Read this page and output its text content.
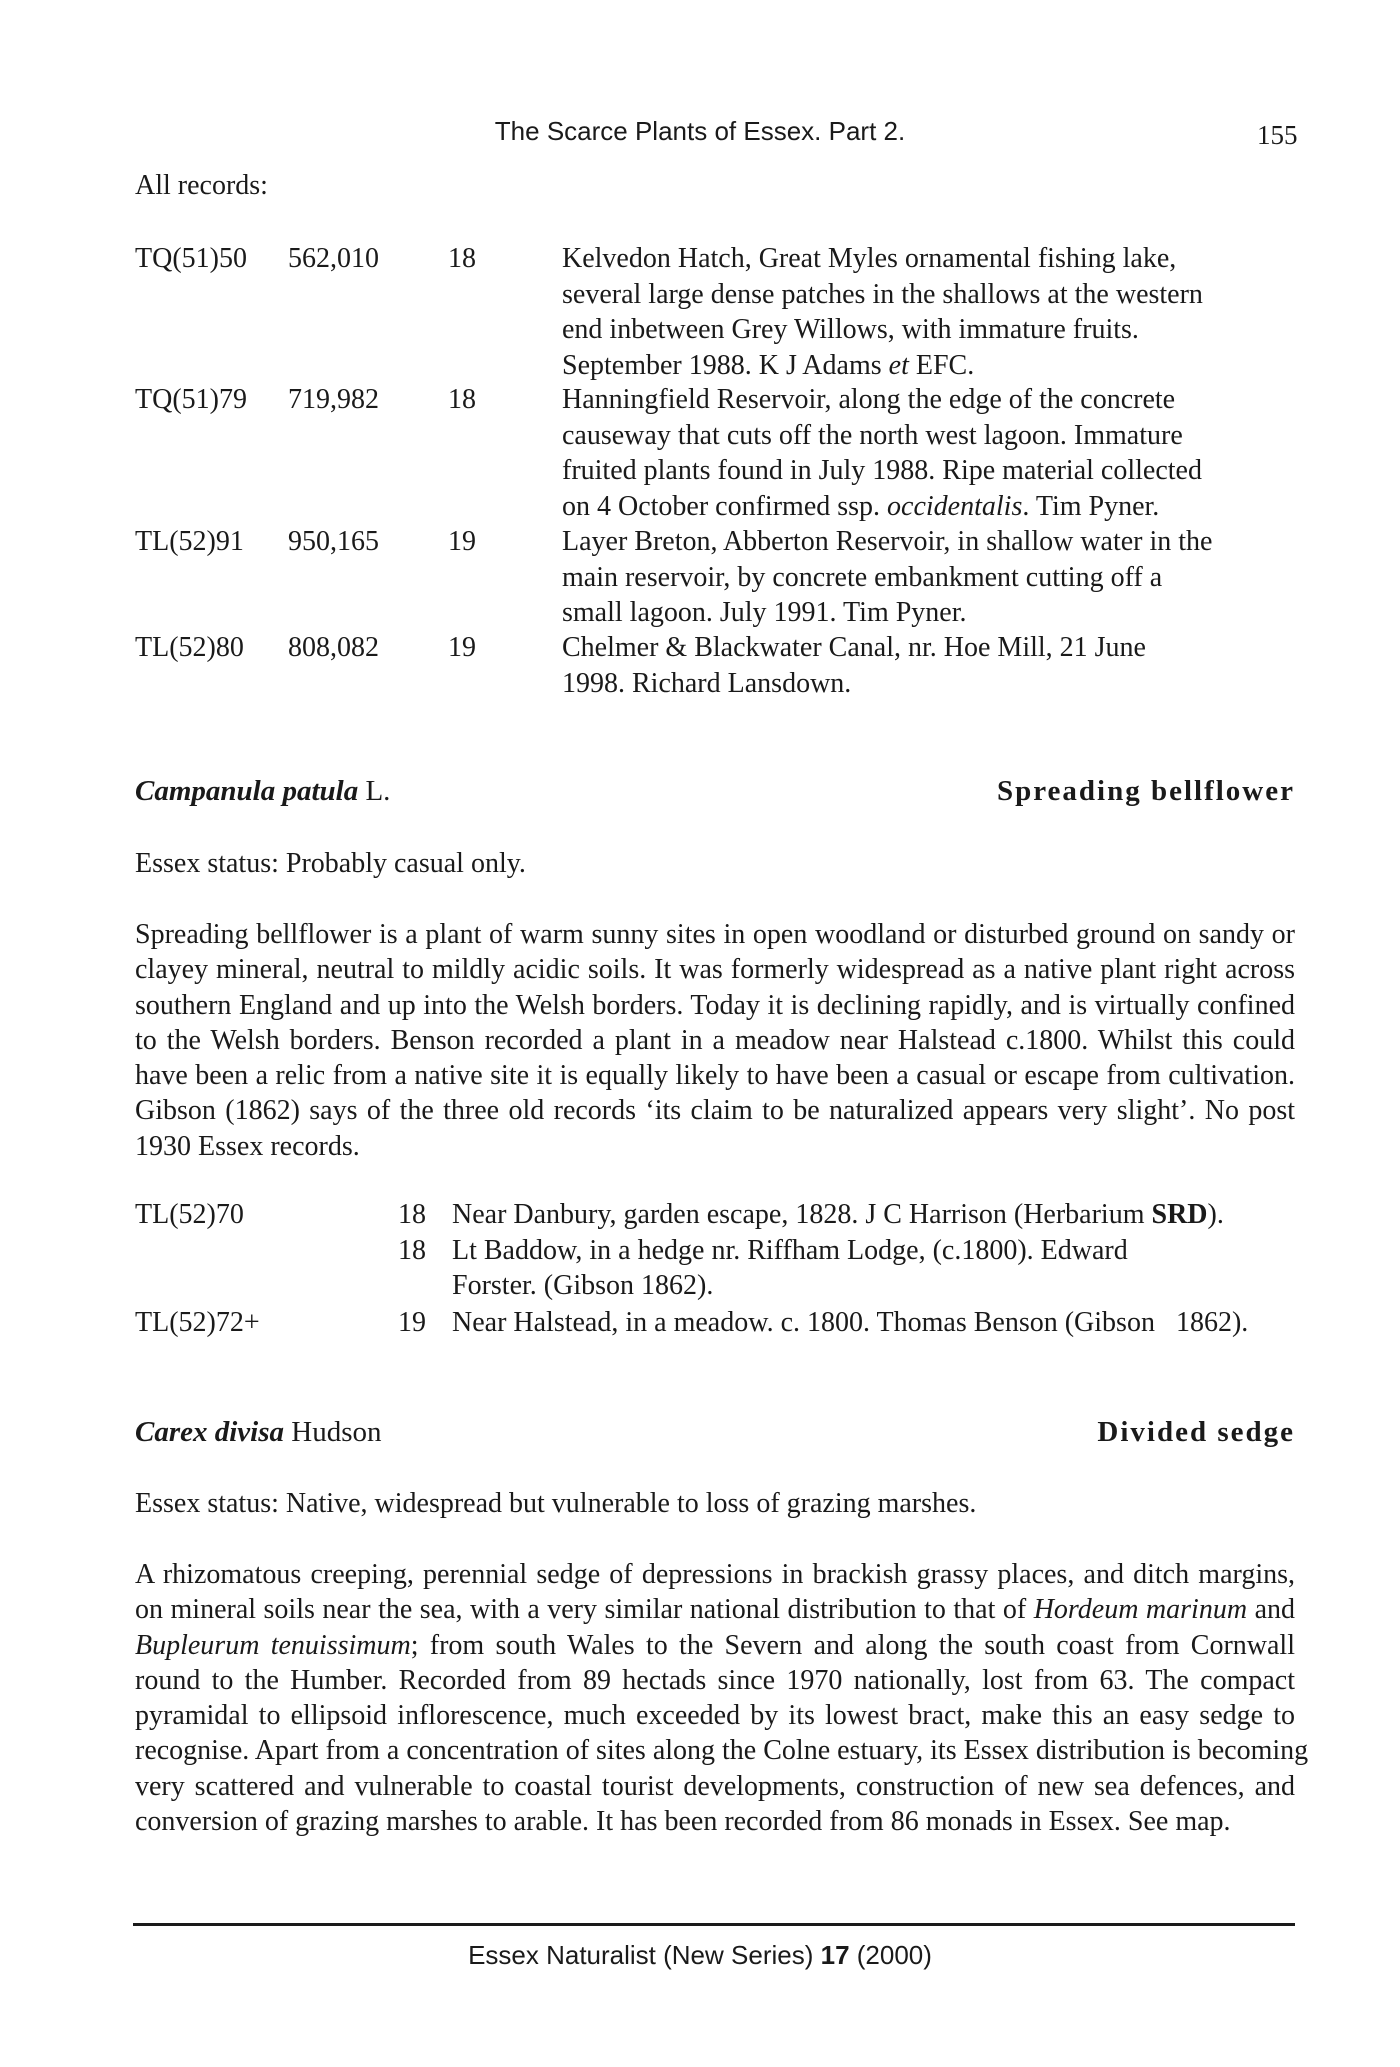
The Scarce Plants of Essex. Part 2.	155
All records:
TQ(51)50 562,010 18	Kelvedon Hatch, Great Myles ornamental fishing lake,
several large dense patches in the shallows at the western
end inbetween Grey Willows, with immature fruits.
September 1988. K J Adams et EFC.
TQ(51)79 719,982 18	Hanningfield Reservoir, along the edge of the concrete
causeway that cuts off the north west lagoon. Immature
fruited plants found in July 1988. Ripe material collected
on 4 October confirmed ssp. occidentalis. Tim Pyner.
TL(52)91 950,165 19	Layer Breton, Abberton Reservoir, in shallow water in the
main reservoir, by concrete embankment cutting off a
small lagoon. July 1991. Tim Pyner.
TL(52)80 808,082 19	Chelmer & Blackwater Canal, nr. Hoe Mill, 21 June
1998. Richard Lansdown.
Campanula patula L.	Spreading bellflower
Essex status: Probably casual only.
Spreading bellflower is a plant of warm sunny sites in open woodland or disturbed ground on sandy or
clayey mineral, neutral to mildly acidic soils. It was formerly widespread as a native plant right across
southern England and up into the Welsh borders. Today it is declining rapidly, and is virtually confined
to the Welsh borders. Benson recorded a plant in a meadow near Halstead c.1800. Whilst this could
have been a relic from a native site it is equally likely to have been a casual or escape from cultivation.
Gibson (1862) says of the three old records ‘its claim to be naturalized appears very slight’. No post
1930 Essex records.
TL(52)70	18 Near Danbury, garden escape, 1828. J C Harrison (Herbarium SRD).
18 Lt Baddow, in a hedge nr. Riffham Lodge, (c.1800). Edward
Forster. (Gibson 1862).
TL(52)72+	19 Near Halstead, in a meadow. c. 1800. Thomas Benson (Gibson   1862).
Carex divisa Hudson	Divided sedge
Essex status: Native, widespread but vulnerable to loss of grazing marshes.
A rhizomatous creeping, perennial sedge of depressions in brackish grassy places, and ditch margins,
on mineral soils near the sea, with a very similar national distribution to that of Hordeum marinum and
Bupleurum tenuissimum; from south Wales to the Severn and along the south coast from Cornwall
round to the Humber. Recorded from 89 hectads since 1970 nationally, lost from 63. The compact
pyramidal to ellipsoid inflorescence, much exceeded by its lowest bract, make this an easy sedge to
recognise. Apart from a concentration of sites along the Colne estuary, its Essex distribution is becoming
very scattered and vulnerable to coastal tourist developments, construction of new sea defences, and
conversion of grazing marshes to arable. It has been recorded from 86 monads in Essex. See map.
Essex Naturalist (New Series) 17 (2000)
